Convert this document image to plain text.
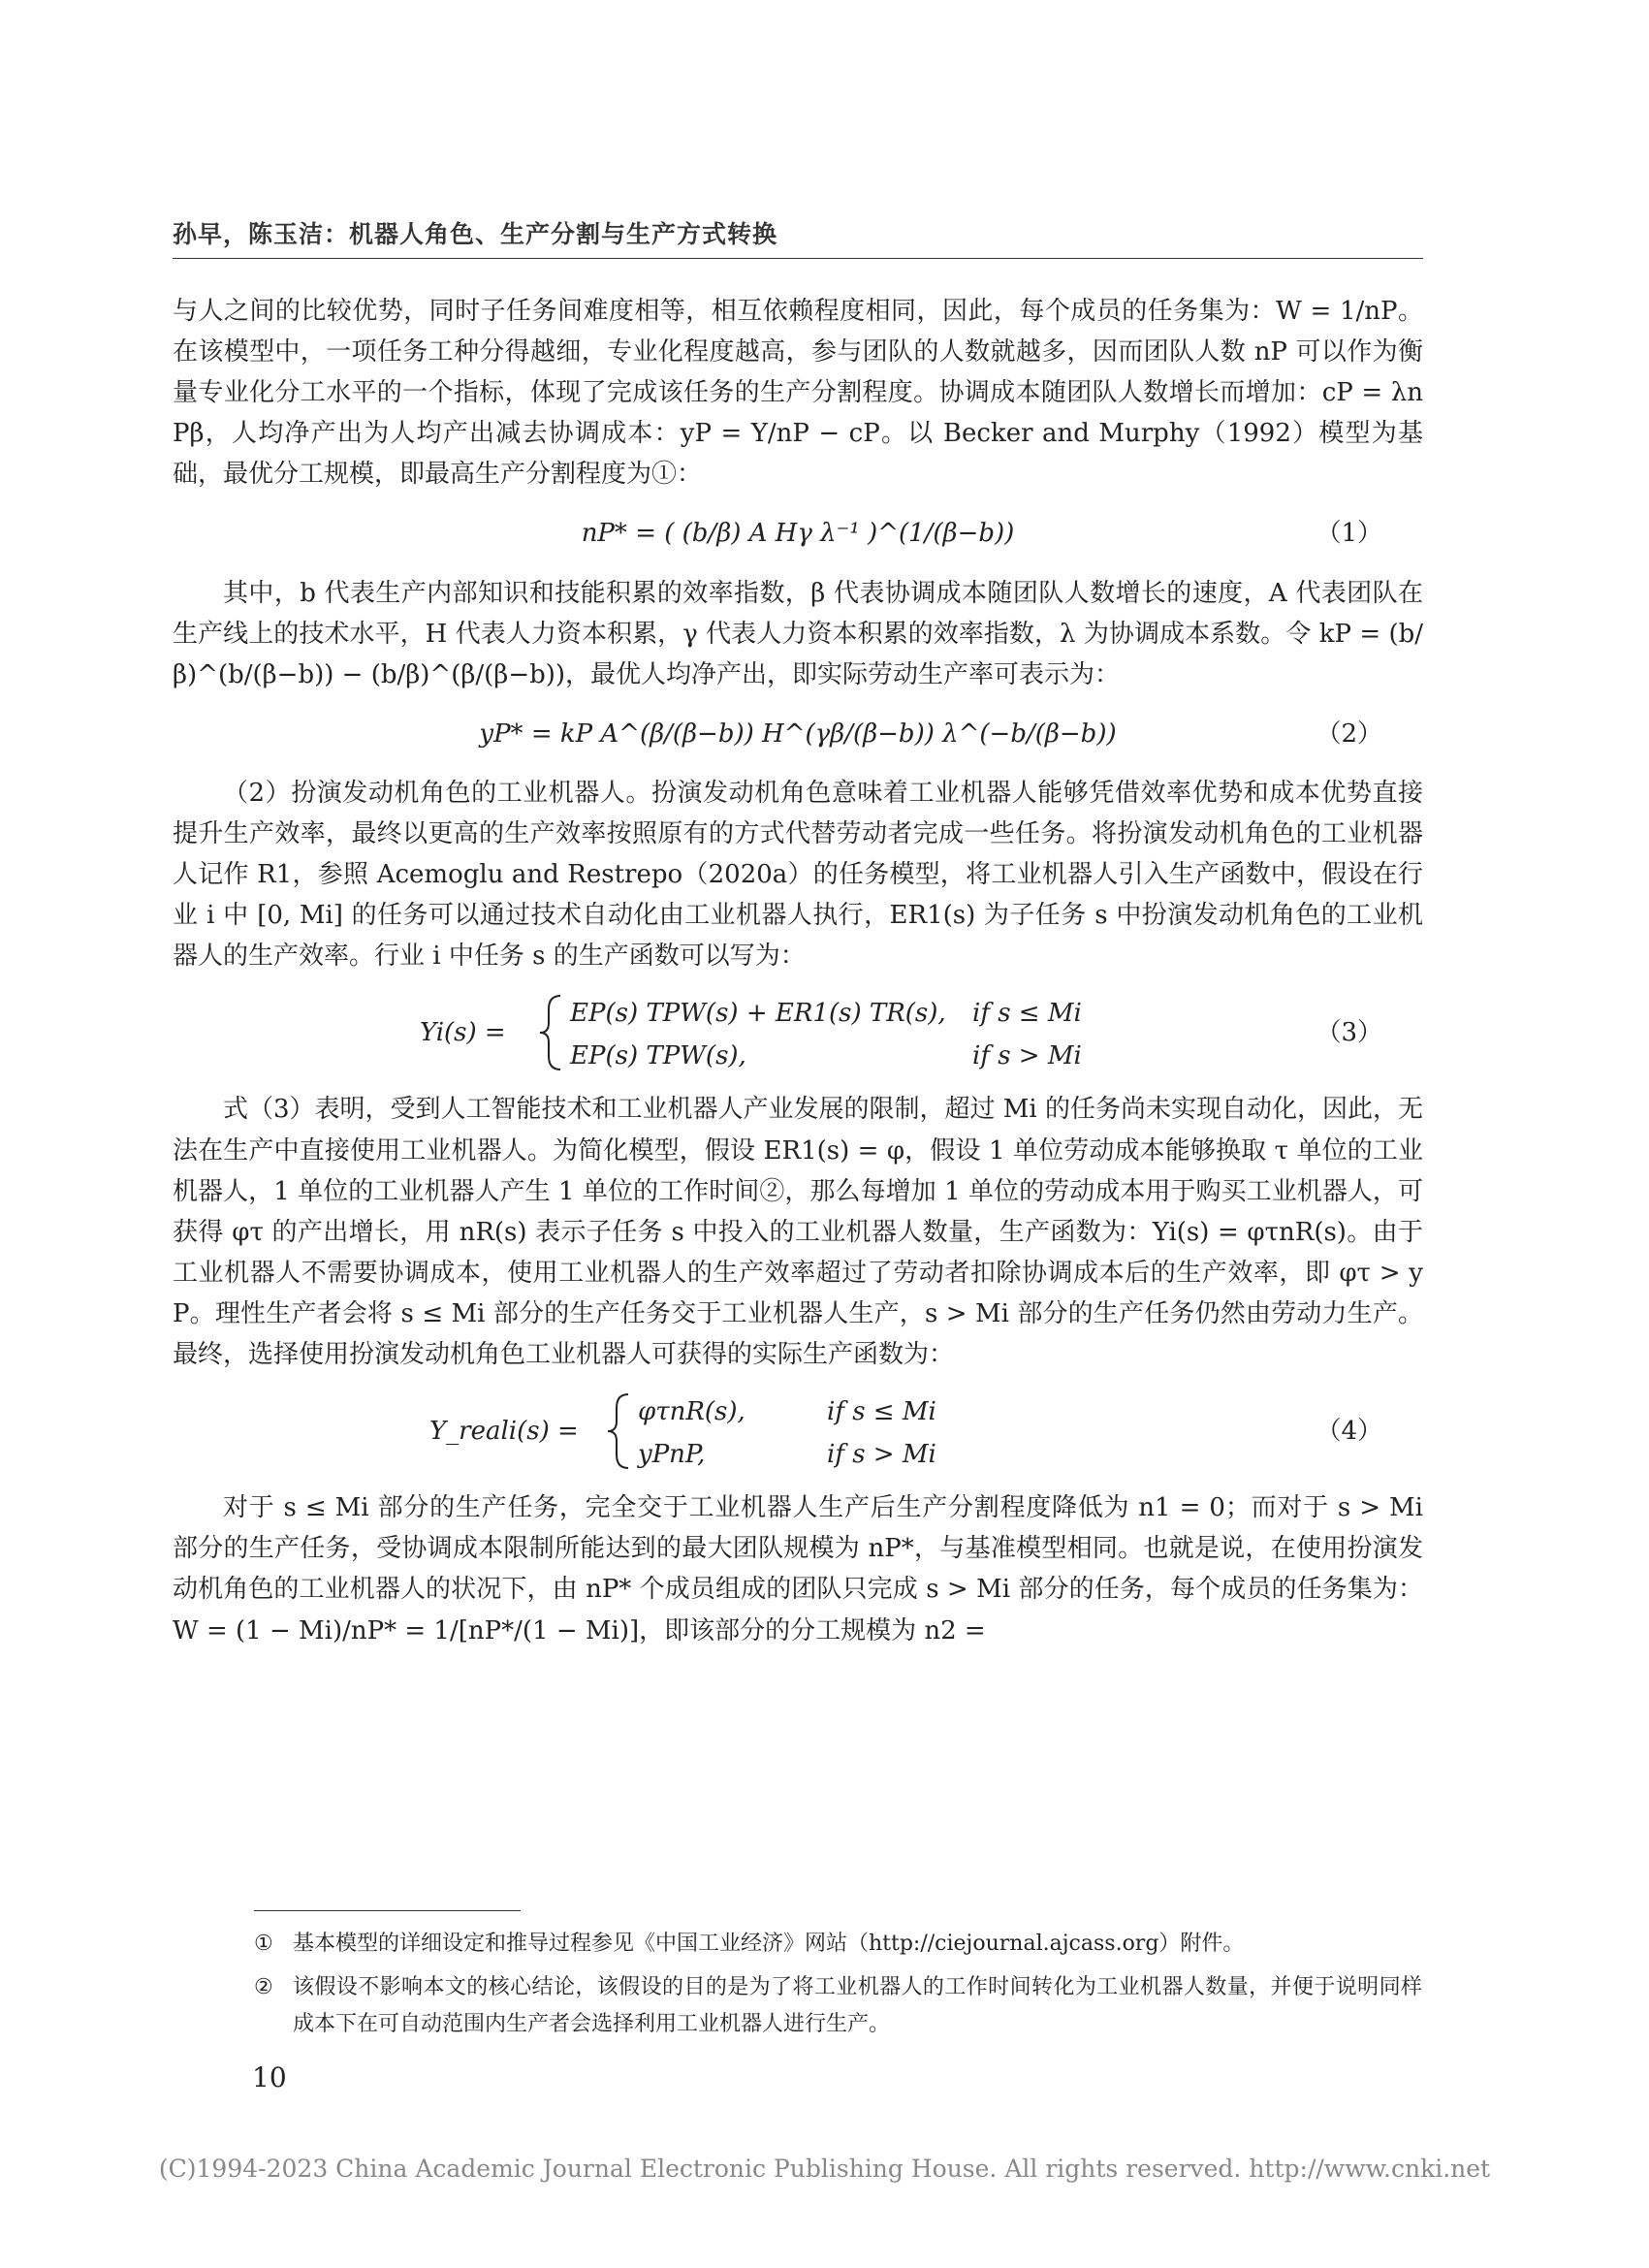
孙早，陈玉洁：机器人角色、生产分割与生产方式转换

与人之间的比较优势，同时子任务间难度相等，相互依赖程度相同，因此，每个成员的任务集为：W = 1/nP。在该模型中，一项任务工种分得越细，专业化程度越高，参与团队的人数就越多，因而团队人数 nP 可以作为衡量专业化分工水平的一个指标，体现了完成该任务的生产分割程度。协调成本随团队人数增长而增加：cP = λnPβ，人均净产出为人均产出减去协调成本：yP = Y/nP − cP。以 Becker and Murphy（1992）模型为基础，最优分工规模，即最高生产分割程度为①：

nP* = ( (b/β) A Hγ λ⁻¹ )^(1/(β−b))	（1）

其中，b 代表生产内部知识和技能积累的效率指数，β 代表协调成本随团队人数增长的速度，A 代表团队在生产线上的技术水平，H 代表人力资本积累，γ 代表人力资本积累的效率指数，λ 为协调成本系数。令 kP = (b/β)^(b/(β−b)) − (b/β)^(β/(β−b))，最优人均净产出，即实际劳动生产率可表示为：

yP* = kP A^(β/(β−b)) H^(γβ/(β−b)) λ^(−b/(β−b))	（2）

（2）扮演发动机角色的工业机器人。扮演发动机角色意味着工业机器人能够凭借效率优势和成本优势直接提升生产效率，最终以更高的生产效率按照原有的方式代替劳动者完成一些任务。将扮演发动机角色的工业机器人记作 R1，参照 Acemoglu and Restrepo（2020a）的任务模型，将工业机器人引入生产函数中，假设在行业 i 中 [0, Mi] 的任务可以通过技术自动化由工业机器人执行，ER1(s) 为子任务 s 中扮演发动机角色的工业机器人的生产效率。行业 i 中任务 s 的生产函数可以写为：

Yi(s) =
EP(s) TPW(s) + ER1(s) TR(s), if s ≤ Mi
EP(s) TPW(s),	if s > Mi
（3）

式（3）表明，受到人工智能技术和工业机器人产业发展的限制，超过 Mi 的任务尚未实现自动化，因此，无法在生产中直接使用工业机器人。为简化模型，假设 ER1(s) = φ，假设 1 单位劳动成本能够换取 τ 单位的工业机器人，1 单位的工业机器人产生 1 单位的工作时间②，那么每增加 1 单位的劳动成本用于购买工业机器人，可获得 φτ 的产出增长，用 nR(s) 表示子任务 s 中投入的工业机器人数量，生产函数为：Yi(s) = φτnR(s)。由于工业机器人不需要协调成本，使用工业机器人的生产效率超过了劳动者扣除协调成本后的生产效率，即 φτ > yP。理性生产者会将 s ≤ Mi 部分的生产任务交于工业机器人生产，s > Mi 部分的生产任务仍然由劳动力生产。最终，选择使用扮演发动机角色工业机器人可获得的实际生产函数为：

Y_reali(s) =
φτnR(s),	if s ≤ Mi
yPnP,	if s > Mi
（4）

对于 s ≤ Mi 部分的生产任务，完全交于工业机器人生产后生产分割程度降低为 n1 = 0；而对于 s > Mi 部分的生产任务，受协调成本限制所能达到的最大团队规模为 nP*，与基准模型相同。也就是说，在使用扮演发动机角色的工业机器人的状况下，由 nP* 个成员组成的团队只完成 s > Mi 部分的任务，每个成员的任务集为：W = (1 − Mi)/nP* = 1/[nP*/(1 − Mi)]，即该部分的分工规模为 n2 =

① 基本模型的详细设定和推导过程参见《中国工业经济》网站（http://ciejournal.ajcass.org）附件。
② 该假设不影响本文的核心结论，该假设的目的是为了将工业机器人的工作时间转化为工业机器人数量，并便于说明同样成本下在可自动范围内生产者会选择利用工业机器人进行生产。
10
(C)1994-2023 China Academic Journal Electronic Publishing House. All rights reserved. http://www.cnki.net
